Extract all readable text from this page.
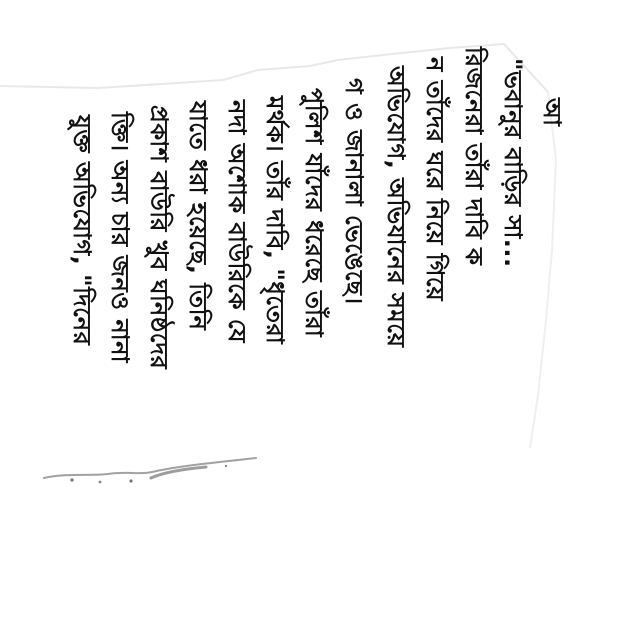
আ
"ভবানুর বাড়ির সা...
রিজনেরা তাঁরা দাবি ক
ন তাঁদের ঘরে নিয়ে গিয়ে
অভিযোগ, অভিযানের সময়ে
গ ও জানালা ভেঙেছে।
পুলিশ যাঁদের ধরেছে তাঁরা
মর্থক। তাঁর দাবি, "ধৃতেরা
নদা অশোক বাউরিকে যে
যাতে ধরা হয়েছে, তিনি
প্রকাশ বাউরি খুব ঘনিষ্ঠদের
ক্তি। অন্য চার জনও নানা
যুক্ত অভিযোগ, "দিনের
